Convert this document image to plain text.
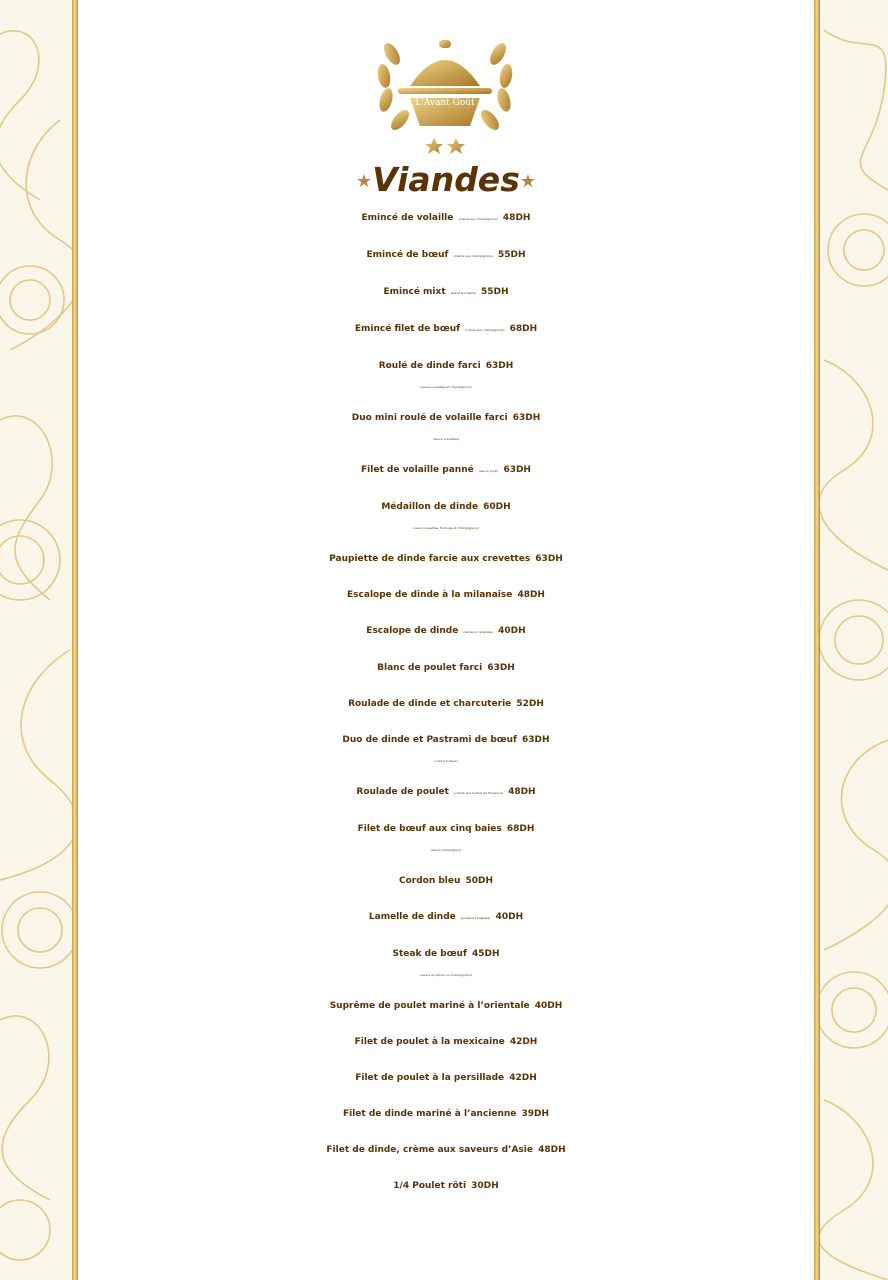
L'Avant Goût
★Viandes★
Emincé de volaille (crème aux champignons) 48DH
Emincé de bœuf (crème aux champignons) 55DH
Emincé mixt (bœuf & volaille) 55DH
Emincé filet de bœuf (crème aux champignons) 68DH
Roulé de dinde farci 63DH
(sauce crevettes et champignons)
Duo mini roulé de volaille farci 63DH
(sauce crevettes)
Filet de volaille panné (sauce royal) 63DH
Médaillon de dinde 60DH
(sauce crevettes, fromage et champignons)
Paupiette de dinde farcie aux crevettes 63DH
Escalope de dinde à la milanaise 48DH
Escalope de dinde (panée à l'anglaise) 40DH
Blanc de poulet farci 63DH
Roulade de dinde et charcuterie 52DH
Duo de dinde et Pastrami de bœuf 63DH
(crème 5 baies)
Roulade de poulet (crème aux herbes de Provence) 48DH
Filet de bœuf aux cinq baies 68DH
(sauce champignon)
Cordon bleu 50DH
Lamelle de dinde (panée à l'anglaise) 40DH
Steak de bœuf 45DH
(sauce au poivre ou champignons)
Suprême de poulet mariné à l’orientale 40DH
Filet de poulet à la mexicaine 42DH
Filet de poulet à la persillade 42DH
Filet de dinde mariné à l’ancienne 39DH
Filet de dinde, crème aux saveurs d’Asie 48DH
1/4 Poulet rôti 30DH
